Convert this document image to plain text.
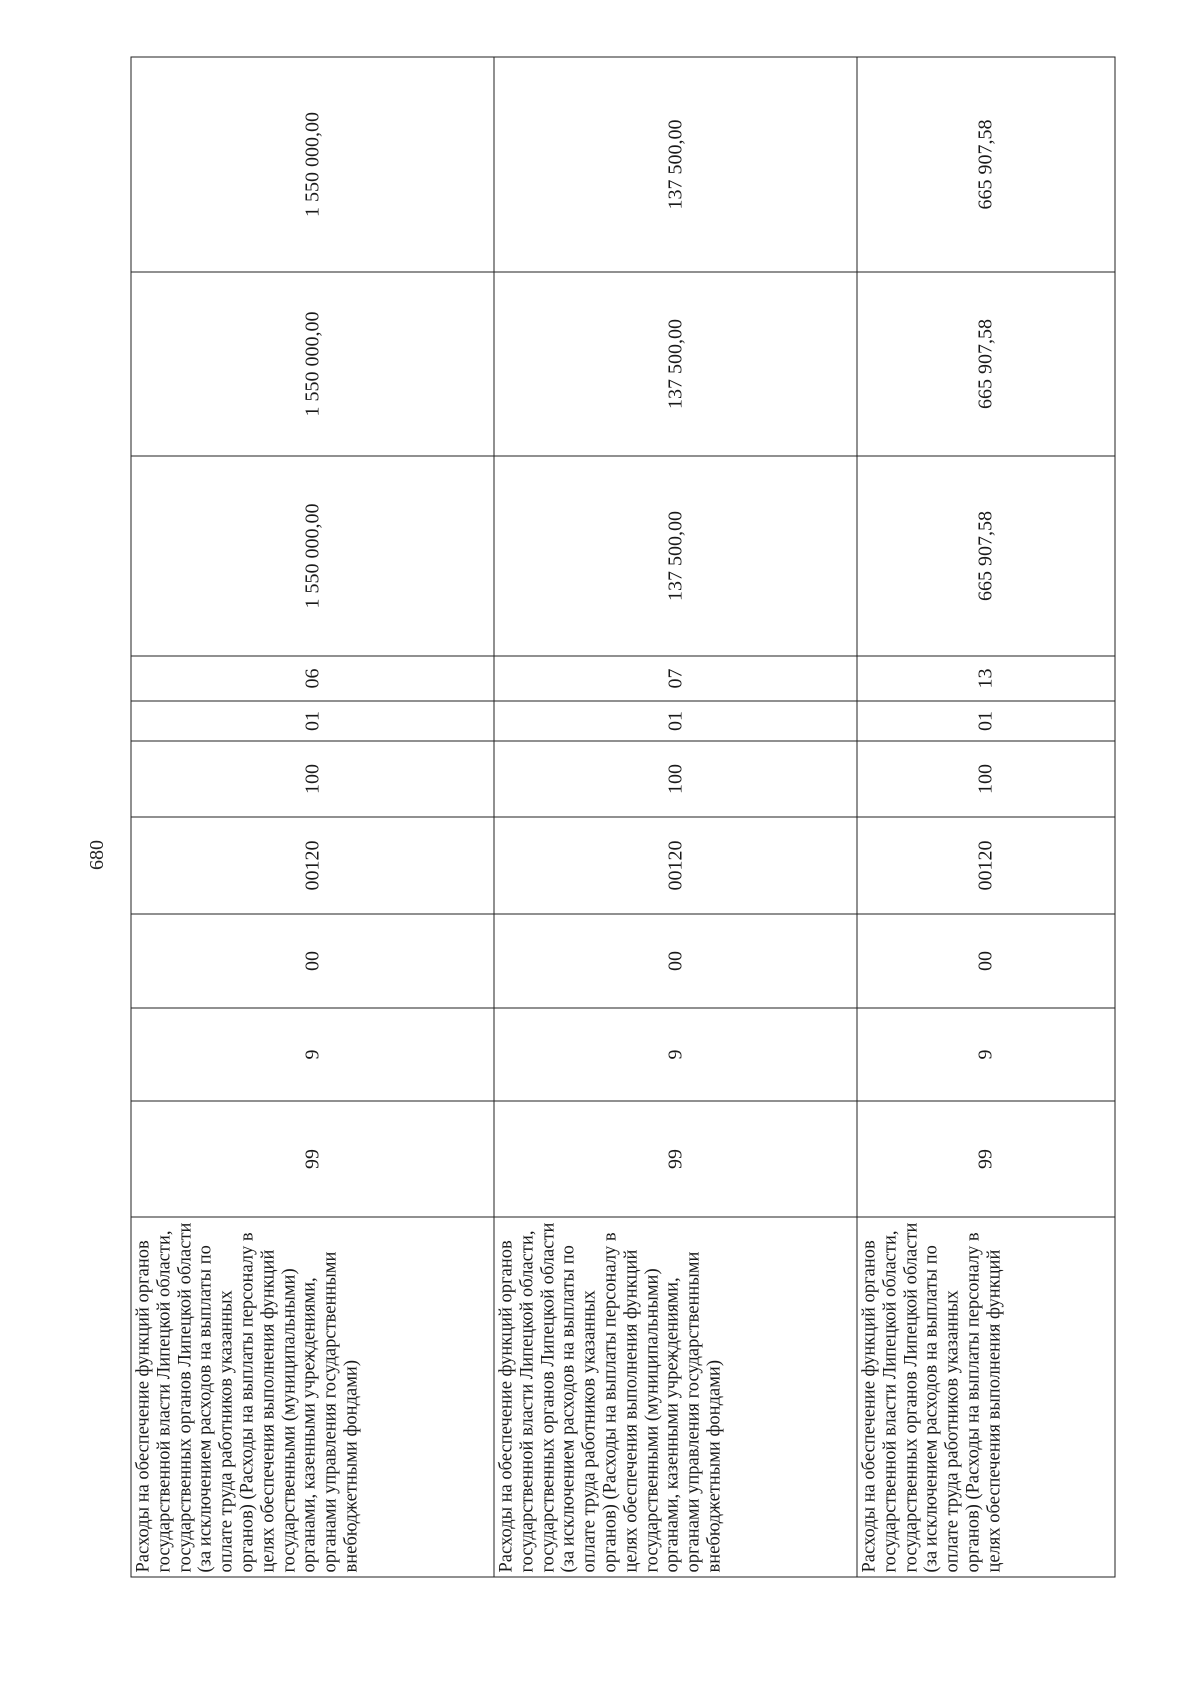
680
Расходы на обеспечение функций органов государственной власти Липецкой области, государственных органов Липецкой области (за исключением расходов на выплаты по оплате труда работников указанных органов) (Расходы на выплаты персоналу в целях обеспечения выполнения функций государственными (муниципальными) органами, казенными учреждениями, органами управления государственными внебюджетными фондами)	99	9	00	00120	100	01	06	1 550 000,00	1 550 000,00	1 550 000,00
Расходы на обеспечение функций органов государственной власти Липецкой области, государственных органов Липецкой области (за исключением расходов на выплаты по оплате труда работников указанных органов) (Расходы на выплаты персоналу в целях обеспечения выполнения функций государственными (муниципальными) органами, казенными учреждениями, органами управления государственными внебюджетными фондами)	99	9	00	00120	100	01	07	137 500,00	137 500,00	137 500,00
Расходы на обеспечение функций органов государственной власти Липецкой области, государственных органов Липецкой области (за исключением расходов на выплаты по оплате труда работников указанных органов) (Расходы на выплаты персоналу в целях обеспечения выполнения функций	99	9	00	00120	100	01	13	665 907,58	665 907,58	665 907,58
